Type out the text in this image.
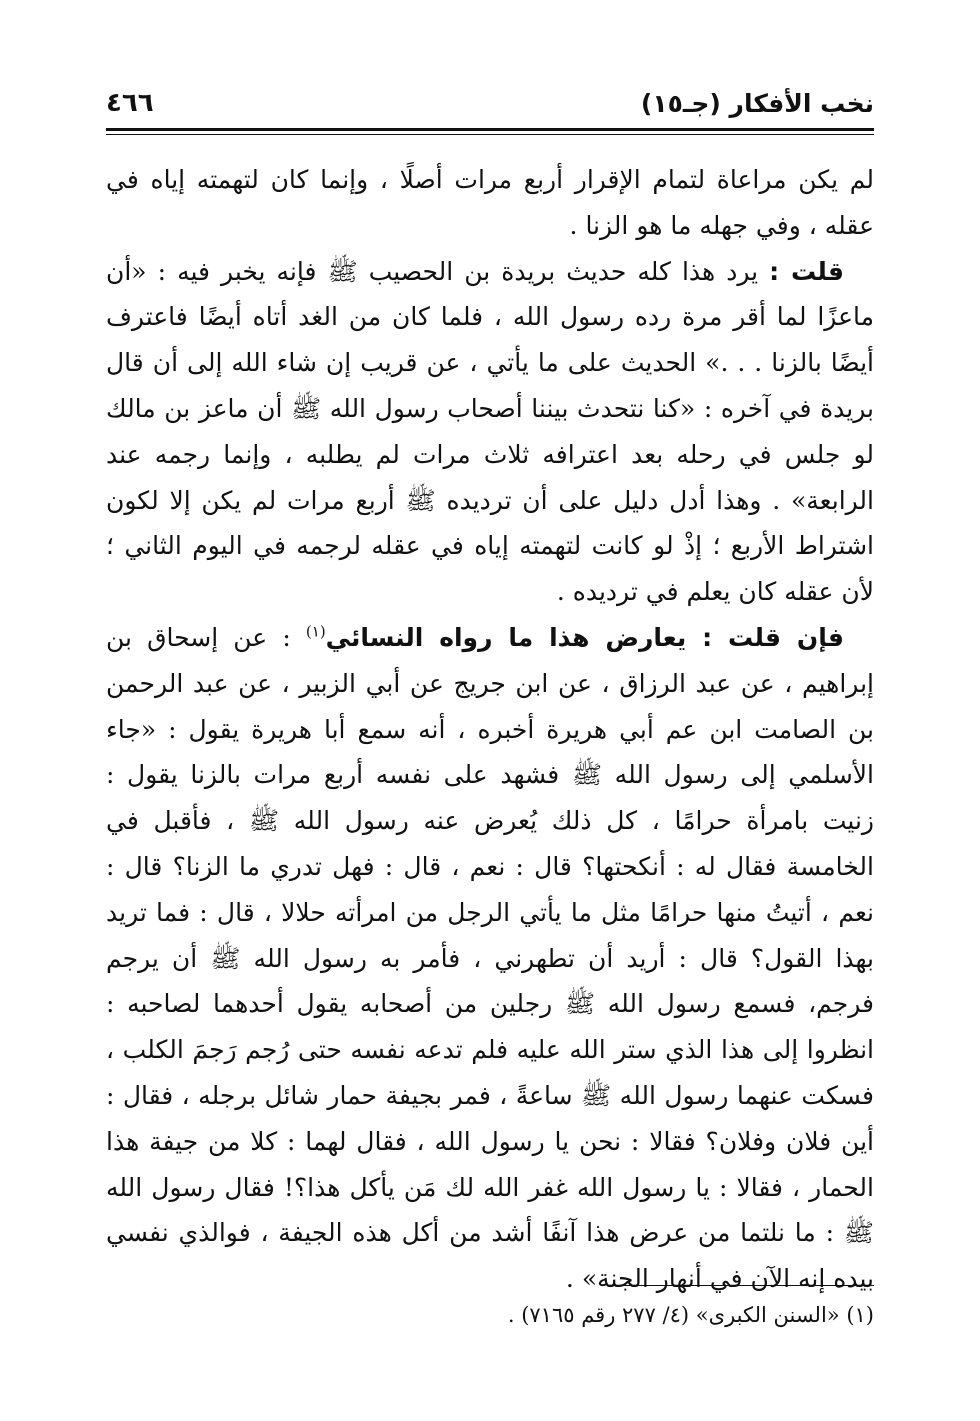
نخب الأفكار (جـ١٥)
٤٦٦

لم يكن مراعاة لتمام الإقرار أربع مرات أصلًا ، وإنما كان لتهمته إياه في عقله ، وفي جهله ما هو الزنا .

قلت : يرد هذا كله حديث بريدة بن الحصيب ﷺ فإنه يخبر فيه : «أن ماعزًا لما أقر مرة رده رسول الله ، فلما كان من الغد أتاه أيضًا فاعترف أيضًا بالزنا . . .» الحديث على ما يأتي ، عن قريب إن شاء الله إلى أن قال بريدة في آخره : «كنا نتحدث بيننا أصحاب رسول الله ﷺ أن ماعز بن مالك لو جلس في رحله بعد اعترافه ثلاث مرات لم يطلبه ، وإنما رجمه عند الرابعة» . وهذا أدل دليل على أن ترديده ﷺ أربع مرات لم يكن إلا لكون اشتراط الأربع ؛ إذْ لو كانت لتهمته إياه في عقله لرجمه في اليوم الثاني ؛ لأن عقله كان يعلم في ترديده .

فإن قلت : يعارض هذا ما رواه النسائي$^{(١)}$ : عن إسحاق بن إبراهيم ، عن عبد الرزاق ، عن ابن جريج عن أبي الزبير ، عن عبد الرحمن بن الصامت ابن عم أبي هريرة أخبره ، أنه سمع أبا هريرة يقول : «جاء الأسلمي إلى رسول الله ﷺ فشهد على نفسه أربع مرات بالزنا يقول : زنيت بامرأة حرامًا ، كل ذلك يُعرض عنه رسول الله ﷺ ، فأقبل في الخامسة فقال له : أنكحتها؟ قال : نعم ، قال : فهل تدري ما الزنا؟ قال : نعم ، أتيتُ منها حرامًا مثل ما يأتي الرجل من امرأته حلالا ، قال : فما تريد بهذا القول؟ قال : أريد أن تطهرني ، فأمر به رسول الله ﷺ أن يرجم فرجم، فسمع رسول الله ﷺ رجلين من أصحابه يقول أحدهما لصاحبه : انظروا إلى هذا الذي ستر الله عليه فلم تدعه نفسه حتى رُجم رَجمَ الكلب ، فسكت عنهما رسول الله ﷺ ساعةً ، فمر بجيفة حمار شائل برجله ، فقال : أين فلان وفلان؟ فقالا : نحن يا رسول الله ، فقال لهما : كلا من جيفة هذا الحمار ، فقالا : يا رسول الله غفر الله لك مَن يأكل هذا؟! فقال رسول الله ﷺ : ما نلتما من عرض هذا آنفًا أشد من أكل هذه الجيفة ، فوالذي نفسي بيده إنه الآن في أنهار الجنة» .

(١) «السنن الكبرى» (٤/ ٢٧٧ رقم ٧١٦٥) .
